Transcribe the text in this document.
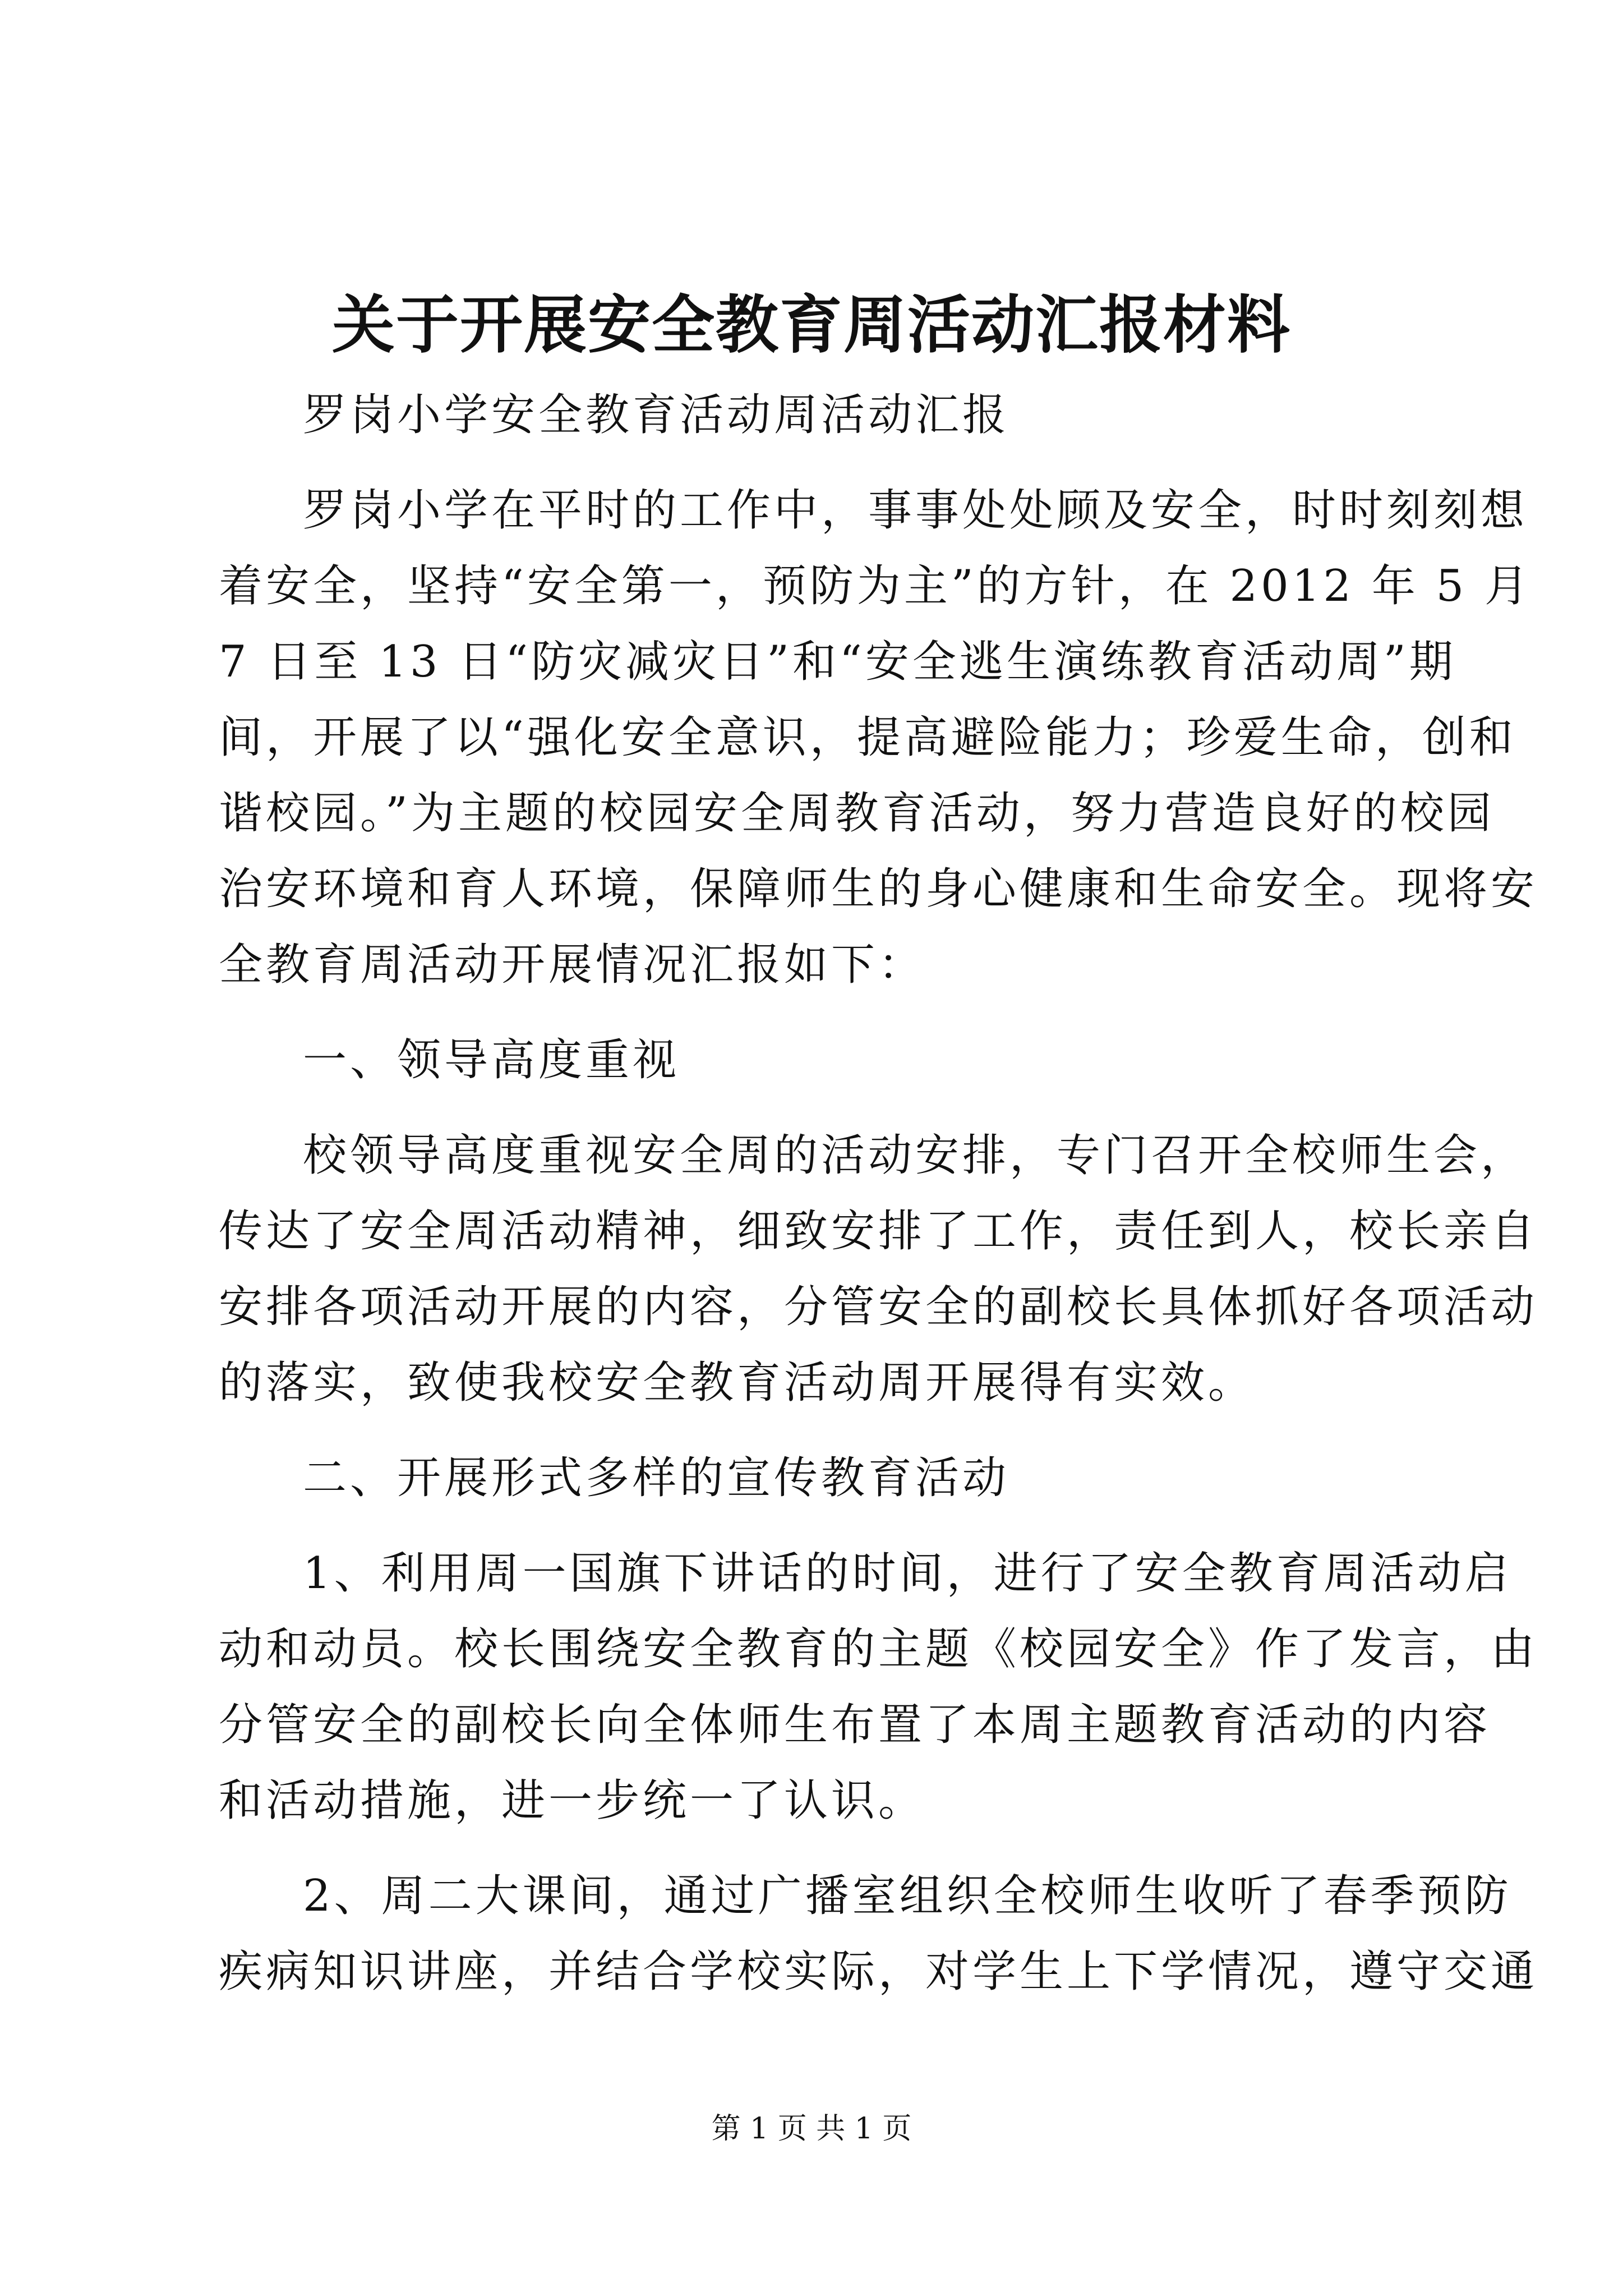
关于开展安全教育周活动汇报材料

罗岗小学安全教育活动周活动汇报

罗岗小学在平时的工作中，事事处处顾及安全，时时刻刻想

着安全，坚持“安全第一，预防为主”的方针，在 2012 年 5 月

7 日至 13 日“防灾减灾日”和“安全逃生演练教育活动周”期

间，开展了以“强化安全意识，提高避险能力；珍爱生命，创和

谐校园。”为主题的校园安全周教育活动，努力营造良好的校园

治安环境和育人环境，保障师生的身心健康和生命安全。现将安

全教育周活动开展情况汇报如下：

一、领导高度重视

校领导高度重视安全周的活动安排，专门召开全校师生会，

传达了安全周活动精神，细致安排了工作，责任到人，校长亲自

安排各项活动开展的内容，分管安全的副校长具体抓好各项活动

的落实，致使我校安全教育活动周开展得有实效。

二、开展形式多样的宣传教育活动

1、利用周一国旗下讲话的时间，进行了安全教育周活动启

动和动员。校长围绕安全教育的主题《校园安全》作了发言，由

分管安全的副校长向全体师生布置了本周主题教育活动的内容

和活动措施，进一步统一了认识。

2、周二大课间，通过广播室组织全校师生收听了春季预防

疾病知识讲座，并结合学校实际，对学生上下学情况，遵守交通

第 1 页 共 1 页
